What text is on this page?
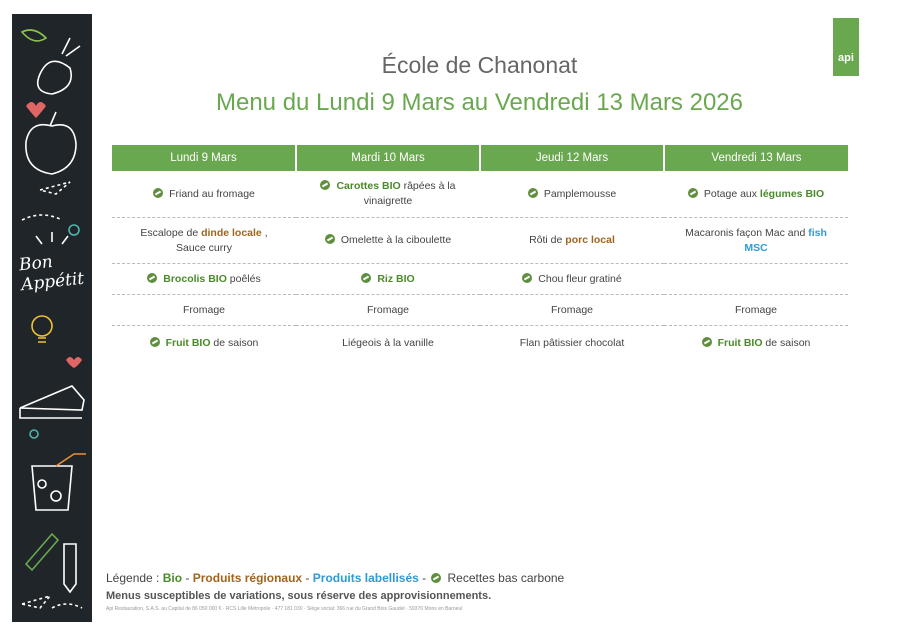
Bon
Appétit
api
École de Chanonat
Menu du Lundi 9 Mars au Vendredi 13 Mars 2026
Lundi 9 Mars	Mardi 10 Mars	Jeudi 12 Mars	Vendredi 13 Mars
Friand au fromage	Carottes BIO râpées à la vinaigrette	Pamplemousse	Potage aux légumes BIO
Escalope de dinde locale , Sauce curry	Omelette à la ciboulette	Rôti de porc local	Macaronis façon Mac and fish MSC
Brocolis BIO poêlés	Riz BIO	Chou fleur gratiné	
Fromage	Fromage	Fromage	Fromage
Fruit BIO de saison	Liégeois à la vanille	Flan pâtissier chocolat	Fruit BIO de saison
Légende : Bio - Produits régionaux - Produits labellisés - Recettes bas carbone
Menus susceptibles de variations, sous réserve des approvisionnements.
Api Restauration, S.A.S. au Capital de 86 050 000 € · RCS Lille Métropole · 477 181 030 · Siège social: 366 rue du Grand Bois Gaudet · 59370 Mons en Baroeul
